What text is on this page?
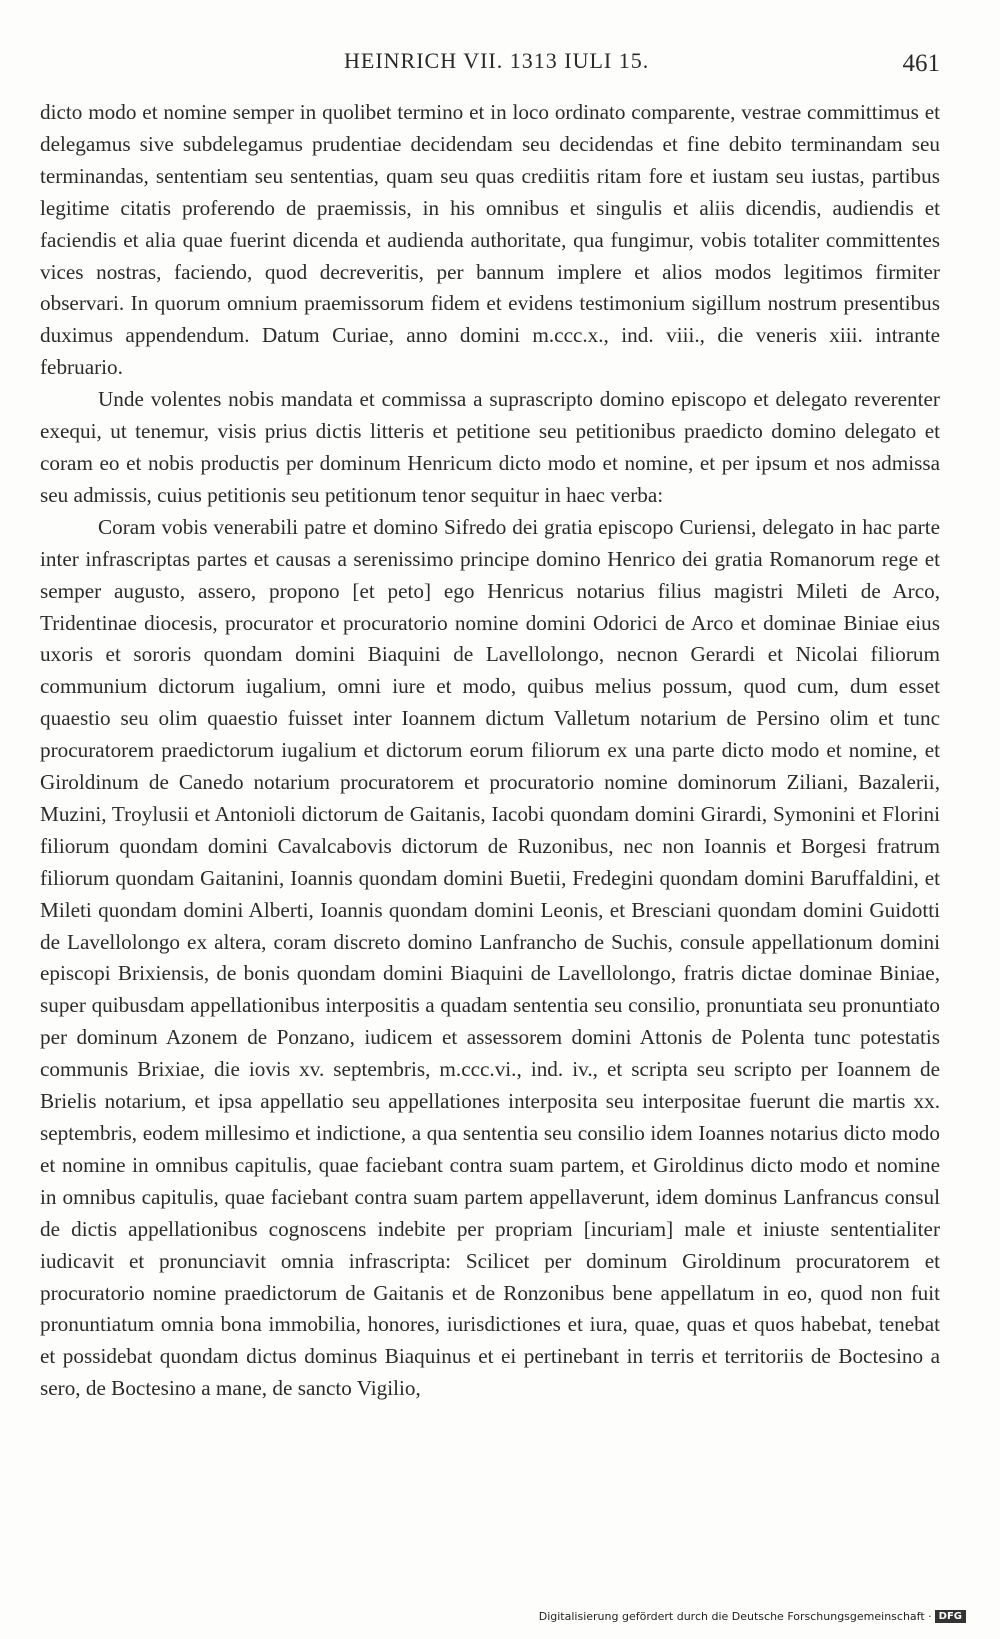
HEINRICH VII. 1313 IULI 15.	461

dicto modo et nomine semper in quolibet termino et in loco ordinato comparente, vestrae committimus et delegamus sive subdelegamus prudentiae decidendam seu decidendas et fine debito terminandam seu terminandas, sententiam seu sententias, quam seu quas crediitis ritam fore et iustam seu iustas, partibus legitime citatis proferendo de praemissis, in his omnibus et singulis et aliis dicendis, audiendis et faciendis et alia quae fuerint dicenda et audienda authoritate, qua fungimur, vobis totaliter committentes vices nostras, faciendo, quod decreveritis, per bannum implere et alios modos legitimos firmiter observari. In quorum omnium praemissorum fidem et evidens testimonium sigillum nostrum presentibus duximus appendendum. Datum Curiae, anno domini m.ccc.x., ind. viii., die veneris xiii. intrante februario.

Unde volentes nobis mandata et commissa a suprascripto domino episcopo et delegato reverenter exequi, ut tenemur, visis prius dictis litteris et petitione seu petitionibus praedicto domino delegato et coram eo et nobis productis per dominum Henricum dicto modo et nomine, et per ipsum et nos admissa seu admissis, cuius petitionis seu petitionum tenor sequitur in haec verba:

Coram vobis venerabili patre et domino Sifredo dei gratia episcopo Curiensi, delegato in hac parte inter infrascriptas partes et causas a serenissimo principe domino Henrico dei gratia Romanorum rege et semper augusto, assero, propono [et peto] ego Henricus notarius filius magistri Mileti de Arco, Tridentinae diocesis, procurator et procuratorio nomine domini Odorici de Arco et dominae Biniae eius uxoris et sororis quondam domini Biaquini de Lavellolongo, necnon Gerardi et Nicolai filiorum communium dictorum iugalium, omni iure et modo, quibus melius possum, quod cum, dum esset quaestio seu olim quaestio fuisset inter Ioannem dictum Valletum notarium de Persino olim et tunc procuratorem praedictorum iugalium et dictorum eorum filiorum ex una parte dicto modo et nomine, et Giroldinum de Canedo notarium procuratorem et procuratorio nomine dominorum Ziliani, Bazalerii, Muzini, Troylusii et Antonioli dictorum de Gaitanis, Iacobi quondam domini Girardi, Symonini et Florini filiorum quondam domini Cavalcabovis dictorum de Ruzonibus, nec non Ioannis et Borgesi fratrum filiorum quondam Gaitanini, Ioannis quondam domini Buetii, Fredegini quondam domini Baruffaldini, et Mileti quondam domini Alberti, Ioannis quondam domini Leonis, et Bresciani quondam domini Guidotti de Lavellolongo ex altera, coram discreto domino Lanfrancho de Suchis, consule appellationum domini episcopi Brixiensis, de bonis quondam domini Biaquini de Lavellolongo, fratris dictae dominae Biniae, super quibusdam appellationibus interpositis a quadam sententia seu consilio, pronuntiata seu pronuntiato per dominum Azonem de Ponzano, iudicem et assessorem domini Attonis de Polenta tunc potestatis communis Brixiae, die iovis xv. septembris, m.ccc.vi., ind. iv., et scripta seu scripto per Ioannem de Brielis notarium, et ipsa appellatio seu appellationes interposita seu interpositae fuerunt die martis xx. septembris, eodem millesimo et indictione, a qua sententia seu consilio idem Ioannes notarius dicto modo et nomine in omnibus capitulis, quae faciebant contra suam partem, et Giroldinus dicto modo et nomine in omnibus capitulis, quae faciebant contra suam partem appellaverunt, idem dominus Lanfrancus consul de dictis appellationibus cognoscens indebite per propriam [incuriam] male et iniuste sententialiter iudicavit et pronunciavit omnia infrascripta: Scilicet per dominum Giroldinum procuratorem et procuratorio nomine praedictorum de Gaitanis et de Ronzonibus bene appellatum in eo, quod non fuit pronuntiatum omnia bona immobilia, honores, iurisdictiones et iura, quae, quas et quos habebat, tenebat et possidebat quondam dictus dominus Biaquinus et ei pertinebant in terris et territoriis de Boctesino a sero, de Boctesino a mane, de sancto Vigilio,

Digitalisierung gefördert durch die Deutsche Forschungsgemeinschaft · DFG
